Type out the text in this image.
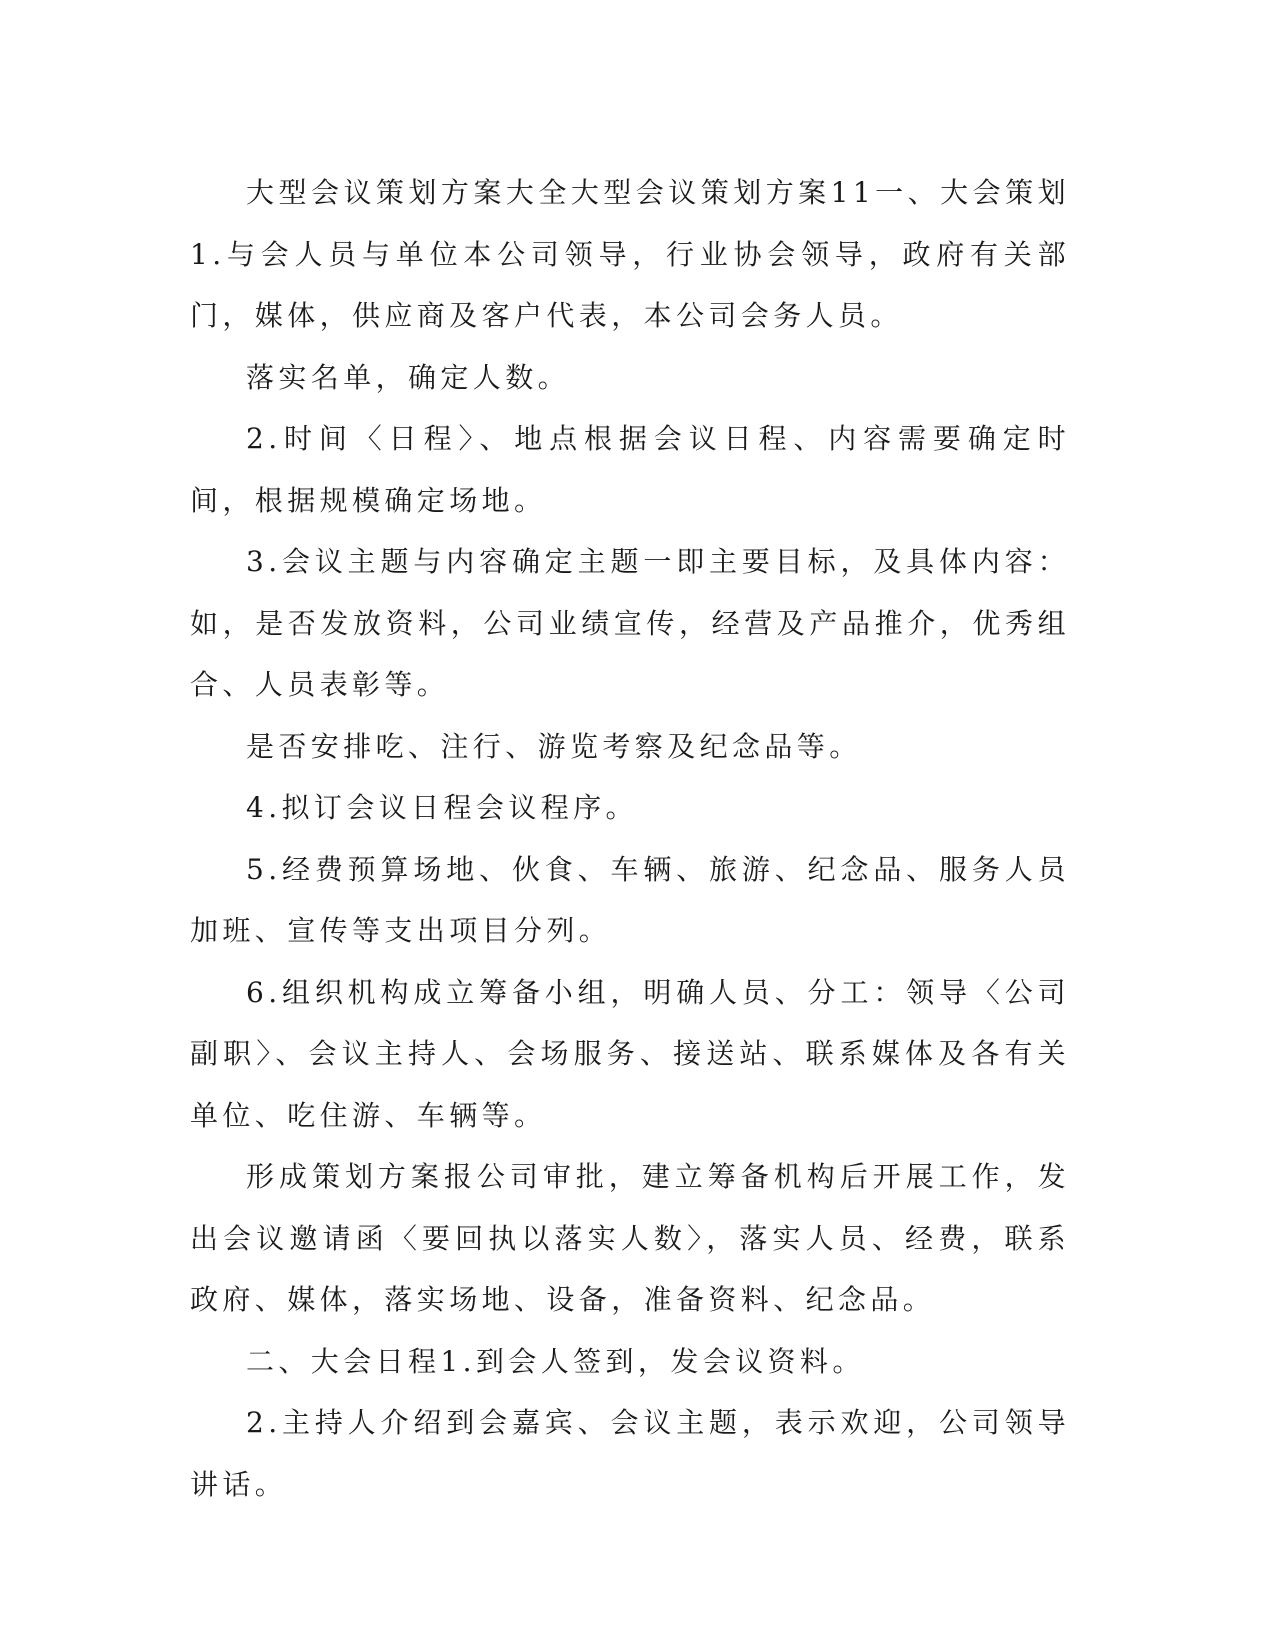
大型会议策划方案大全大型会议策划方案11一、大会策划1.与会人员与单位本公司领导，行业协会领导，政府有关部门，媒体，供应商及客户代表，本公司会务人员。

落实名单，确定人数。

2.时间〈日程〉、地点根据会议日程、内容需要确定时间，根据规模确定场地。

3.会议主题与内容确定主题一即主要目标，及具体内容：如，是否发放资料，公司业绩宣传，经营及产品推介，优秀组合、人员表彰等。

是否安排吃、注行、游览考察及纪念品等。

4.拟订会议日程会议程序。

5.经费预算场地、伙食、车辆、旅游、纪念品、服务人员加班、宣传等支出项目分列。

6.组织机构成立筹备小组，明确人员、分工：领导〈公司副职〉、会议主持人、会场服务、接送站、联系媒体及各有关单位、吃住游、车辆等。

形成策划方案报公司审批，建立筹备机构后开展工作，发出会议邀请函〈要回执以落实人数〉，落实人员、经费，联系政府、媒体，落实场地、设备，准备资料、纪念品。

二、大会日程1.到会人签到，发会议资料。

2.主持人介绍到会嘉宾、会议主题，表示欢迎，公司领导讲话。
